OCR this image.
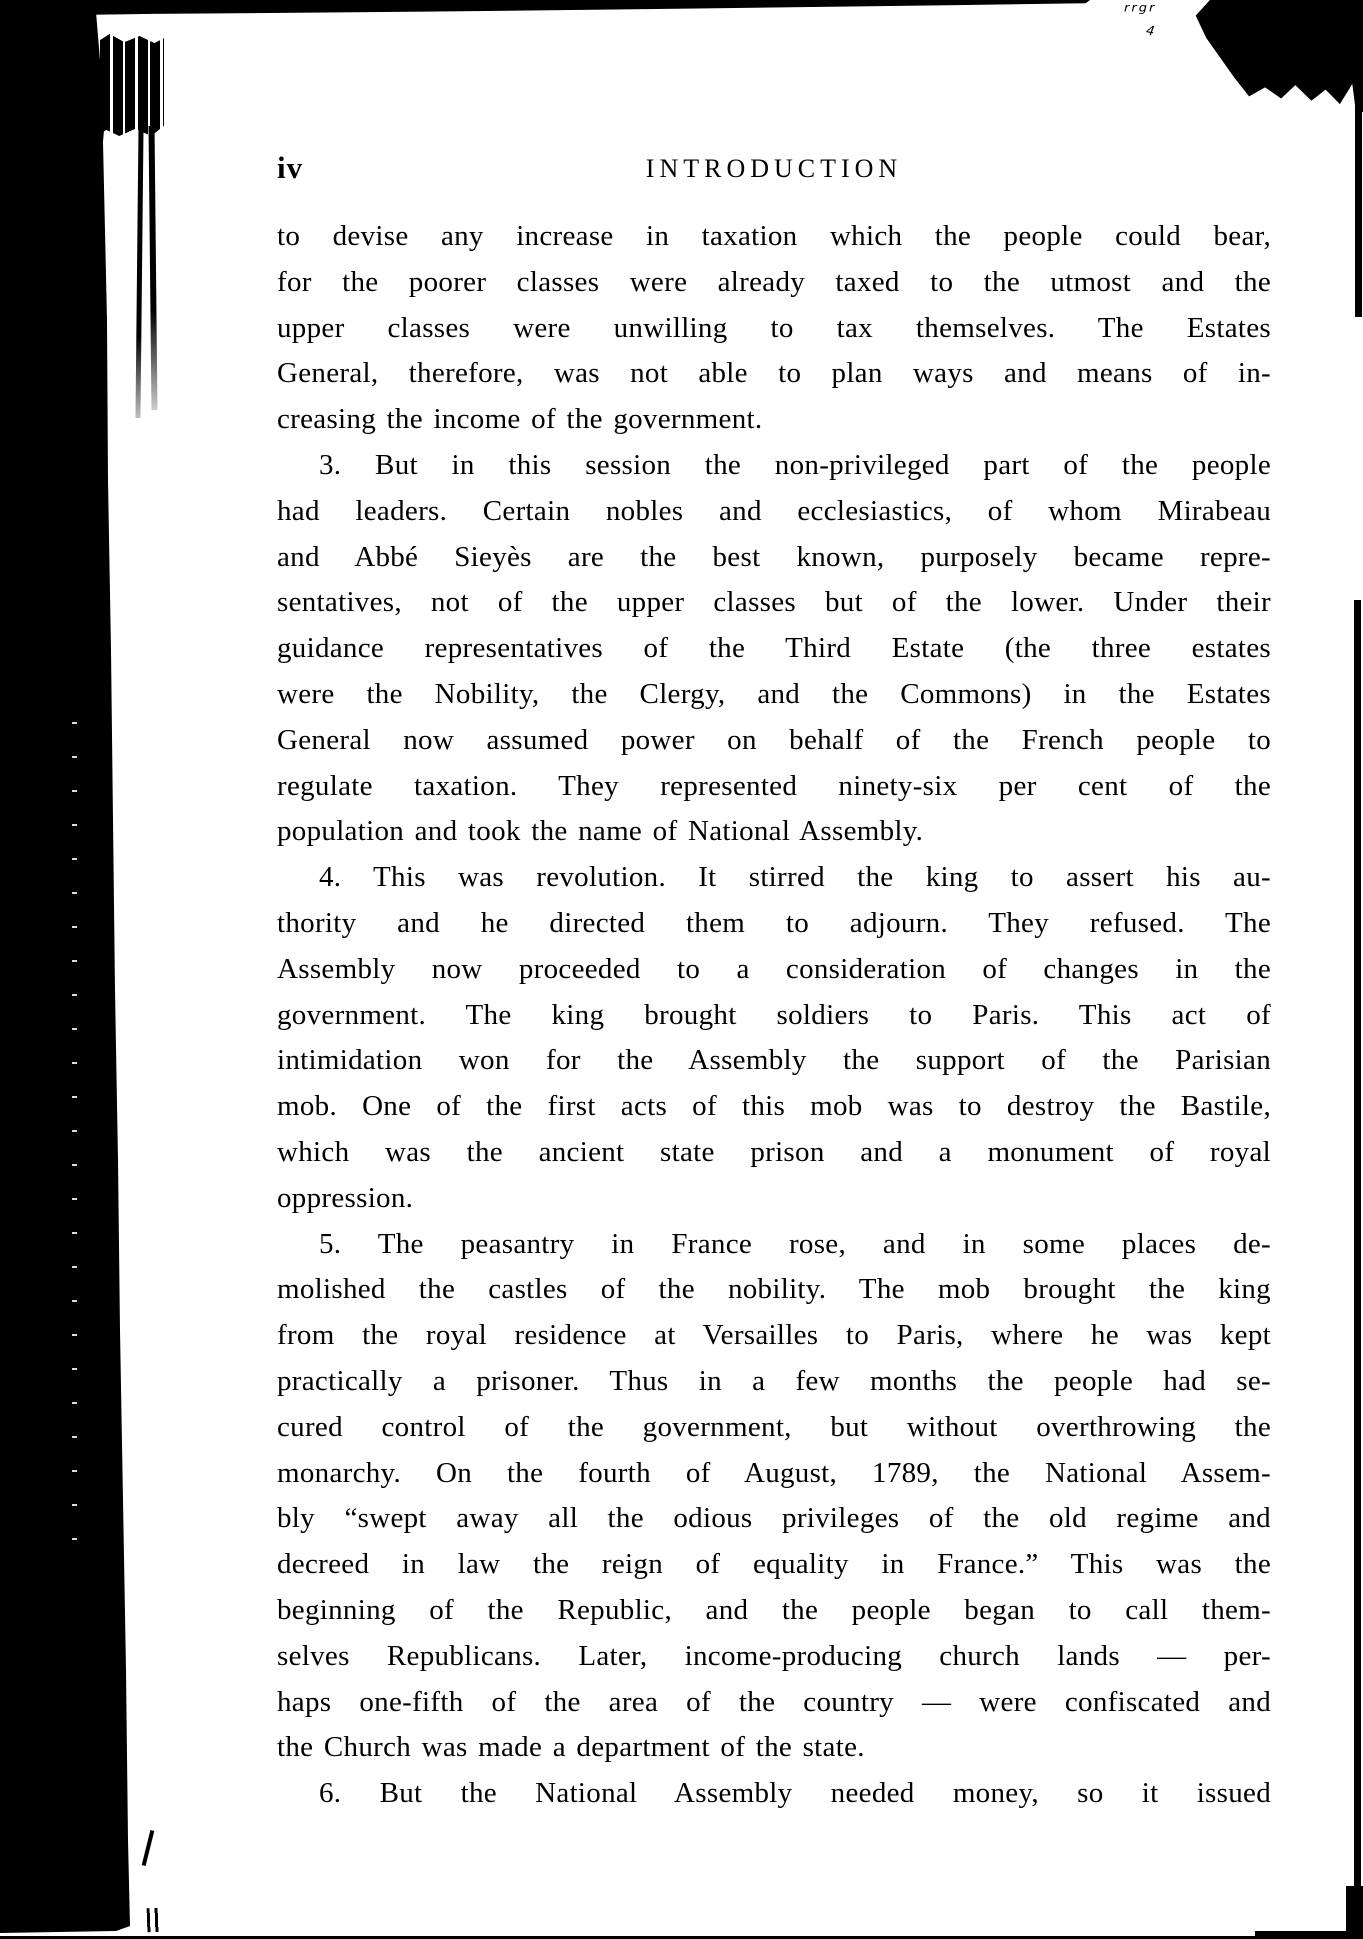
rrgr
4
iv	INTRODUCTION
to devise any increase in taxation which the people could bear,
for the poorer classes were already taxed to the utmost and the
upper classes were unwilling to tax themselves. The Estates
General, therefore, was not able to plan ways and means of in-
creasing the income of the government.
3. But in this session the non-privileged part of the people
had leaders. Certain nobles and ecclesiastics, of whom Mirabeau
and Abbé Sieyès are the best known, purposely became repre-
sentatives, not of the upper classes but of the lower. Under their
guidance representatives of the Third Estate (the three estates
were the Nobility, the Clergy, and the Commons) in the Estates
General now assumed power on behalf of the French people to
regulate taxation. They represented ninety-six per cent of the
population and took the name of National Assembly.
4. This was revolution. It stirred the king to assert his au-
thority and he directed them to adjourn. They refused. The
Assembly now proceeded to a consideration of changes in the
government. The king brought soldiers to Paris. This act of
intimidation won for the Assembly the support of the Parisian
mob. One of the first acts of this mob was to destroy the Bastile,
which was the ancient state prison and a monument of royal
oppression.
5. The peasantry in France rose, and in some places de-
molished the castles of the nobility. The mob brought the king
from the royal residence at Versailles to Paris, where he was kept
practically a prisoner. Thus in a few months the people had se-
cured control of the government, but without overthrowing the
monarchy. On the fourth of August, 1789, the National Assem-
bly “swept away all the odious privileges of the old regime and
decreed in law the reign of equality in France.” This was the
beginning of the Republic, and the people began to call them-
selves Republicans. Later, income-producing church lands — per-
haps one-fifth of the area of the country — were confiscated and
the Church was made a department of the state.
6. But the National Assembly needed money, so it issued
